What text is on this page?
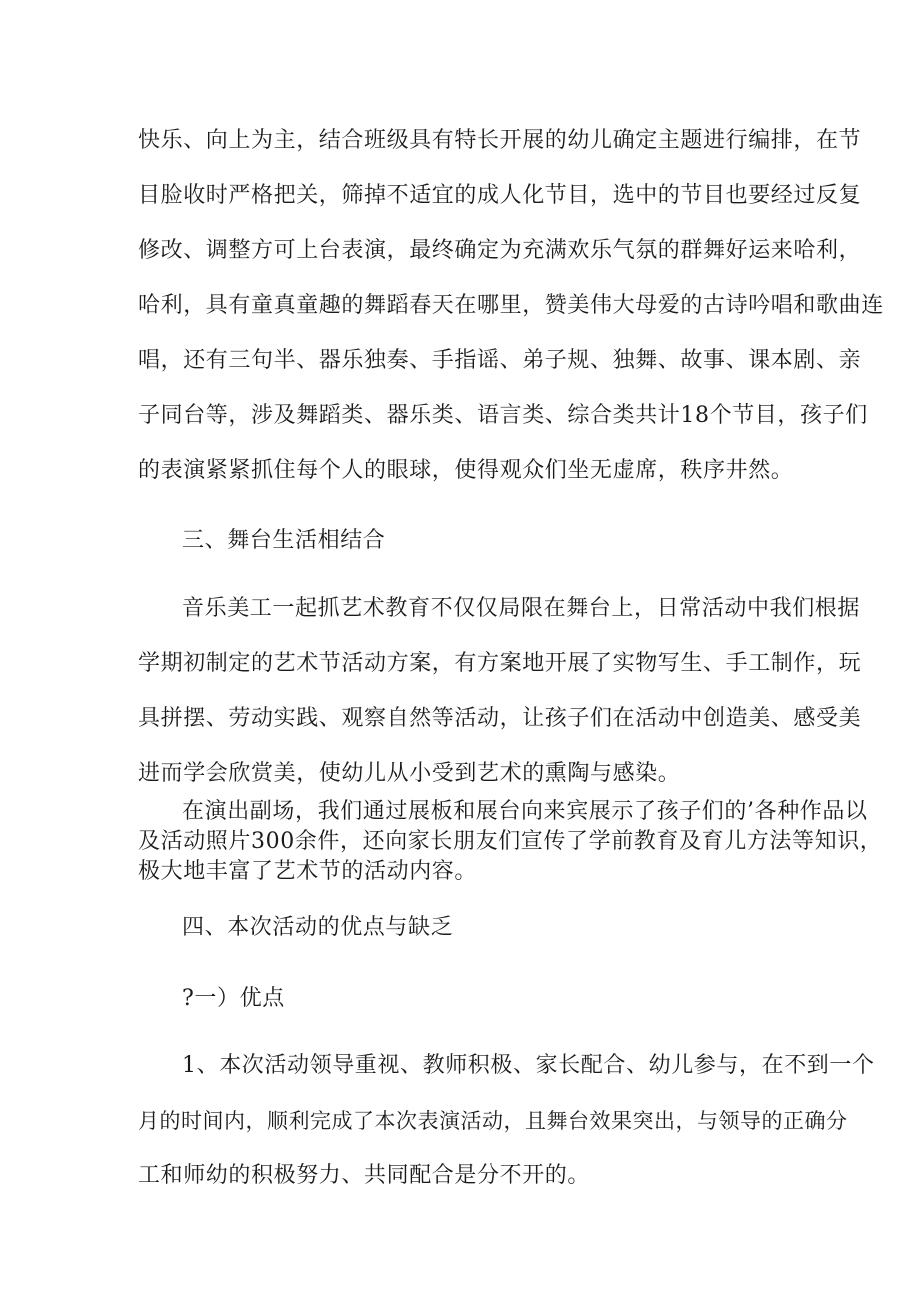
快乐、向上为主，结合班级具有特长开展的幼儿确定主题进行编排，在节
目脸收时严格把关，筛掉不适宜的成人化节目，选中的节目也要经过反复
修改、调整方可上台表演，最终确定为充满欢乐气氛的群舞好运来哈利，
哈利，具有童真童趣的舞蹈春天在哪里，赞美伟大母爱的古诗吟唱和歌曲连
唱，还有三句半、器乐独奏、手指谣、弟子规、独舞、故事、课本剧、亲
子同台等，涉及舞蹈类、器乐类、语言类、综合类共计18个节目，孩子们
的表演紧紧抓住每个人的眼球，使得观众们坐无虚席，秩序井然。
三、舞台生活相结合
音乐美工一起抓艺术教育不仅仅局限在舞台上，日常活动中我们根据
学期初制定的艺术节活动方案，有方案地开展了实物写生、手工制作，玩
具拼摆、劳动实践、观察自然等活动，让孩子们在活动中创造美、感受美
进而学会欣赏美，使幼儿从小受到艺术的熏陶与感染。
在演出副场，我们通过展板和展台向来宾展示了孩子们的’各种作品以
及活动照片300余件，还向家长朋友们宣传了学前教育及育儿方法等知识，
极大地丰富了艺术节的活动内容。
四、本次活动的优点与缺乏
?一）优点
1、本次活动领导重视、教师积极、家长配合、幼儿参与，在不到一个
月的时间内，顺利完成了本次表演活动，且舞台效果突出，与领导的正确分
工和师幼的积极努力、共同配合是分不开的。
